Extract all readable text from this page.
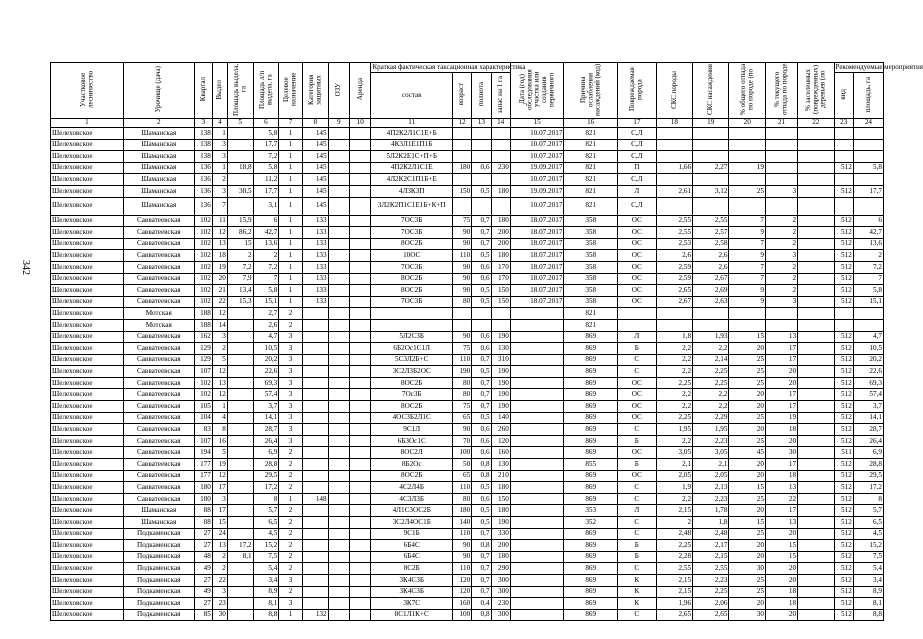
342
Участковое лесничество	Урочище (дача)	Квартал	Выдел	Площадь выдела, га	Площадь л/п выдела, га	Целевое назначение	Категория защитных	ОЗУ	Аренда	Краткая фактическая таксационная характеристика				Дата (год) обследования участка или создания первичного	Причина ослабления насаждений (код)	Повреждаемая порода	СКС породы	СКС насаждения	% общего отпада по породе (по	% текущего отпада по породе	% заселенных (поврежденных) деревьев (по	Рекомендуемые мероприятия	
										состав	возраст	полнота	запас на 1 га									вид	площадь, га
1	2	3	4	5	6	7	8	9	10	11	12	13	14	15	16	17	18	19	20	21	22	23	24
Шелеховское	Шаманская	138	1		5,8	1	145			4П2К2Л1С1Е+Б				10.07.2017	821	С,Л							
Шелеховское	Шаманская	138	3		17,7	1	145			4К3Л1Е1П1Б				10.07.2017	821	С,Л							
Шелеховское	Шаманская	138	3		7,2	1	145			5Л2К2Е1С+П+Б				10.07.2017	821	С,Л							
Шелеховское	Шаманская	136	1	18,8	5,8	1	145			4П2К2Л1С1Е	180	0,6	230	19.09.2017	821	П	1,66	2,27	19			512	5,8
Шелеховское	Шаманская	136	2		11,2	1	145			4Л2К2С1П1Б+Е				10.07.2017	821	С,Л							
Шелеховское	Шаманская	136	3	38,5	17,7	1	145			4Л3К3П	150	0,5	180	19.09.2017	821	Л	2,61	3,12	25	3		512	17,7
Шелеховское	Шаманская	136	7		3,1	1	145			3Л2К2П1С1Е1Б+К+П				10.07.2017	821	С,Л							
Шелеховское	Савватеевская	102	11	15,9	6	1	133			7ОС3Б	75	0,7	180	18.07.2017	358	ОС	2,55	2,55	7	2		512	6
Шелеховское	Савватеевская	102	12	86,2	42,7	1	133			7ОС3Б	90	0,7	200	18.07.2017	358	ОС	2,55	2,57	9	2		512	42,7
Шелеховское	Савватеевская	102	13	15	13,6	1	133			8ОС2Б	90	0,7	200	18.07.2017	358	ОС	2,53	2,58	7	2		512	13,6
Шелеховское	Савватеевская	102	18	2	2	1	133			10ОС	110	0,5	180	18.07.2017	358	ОС	2,6	2,6	9	3		512	2
Шелеховское	Савватеевская	102	19	7,2	7,2	1	133			7ОС3Б	90	0,6	170	18.07.2017	358	ОС	2,59	2,6	7	2		512	7,2
Шелеховское	Савватеевская	102	20	7,9	7	1	133			8ОС2Б	90	0,6	170	18.07.2017	358	ОС	2,59	2,67	7	2		512	7
Шелеховское	Савватеевская	102	21	13,4	5,8	1	133			8ОС2Б	90	0,5	150	18.07.2017	358	ОС	2,65	2,69	9	2		512	5,8
Шелеховское	Савватеевская	102	22	15,3	15,1	1	133			7ОС3Б	80	0,5	150	18.07.2017	358	ОС	2,67	2,63	9	3		512	15,1
Шелеховское	Мотская	188	12		2,7	2									821								
Шелеховское	Мотская	188	14		2,6	2									821								
Шелеховское	Савватеевская	162	3		4,7	3				5Л2С3Б	90	0,6	190		869	Л	1,8	1,93	15	13		512	4,7
Шелеховское	Савватеевская	129	2		10,5	3				6Б2Ос1С1Л	75	0,6	130		869	Б	2,2	2,2	20	17		512	10,5
Шелеховское	Савватеевская	129	5		20,2	3				5С3Л2Б+С	110	0,7	310		869	С	2,2	2,14	25	17		512	20,2
Шелеховское	Савватеевская	107	12		22,6	3				3С2Л3Б2ОС	190	0,5	190		869	С	2,2	2,25	25	20		512	22,6
Шелеховское	Савватеевская	102	13		69,3	3				8ОС2Б	80	0,7	190		869	ОС	2,25	2,25	25	20		512	69,3
Шелеховское	Савватеевская	102	12		57,4	3				7Ос3Б	80	0,7	190		869	ОС	2,2	2,2	20	17		512	57,4
Шелеховское	Савватеевская	105	1		3,7	3				8ОС2Б	75	0,7	190		869	ОС	2,2	2,2	20	17		512	3,7
Шелеховское	Савватеевская	104	4		14,1	3				4ОС3Б2Л1С	65	0,5	140		869	ОС	2,25	2,29	25	19		512	14,1
Шелеховское	Савватеевская	83	8		28,7	3				9С1Л	90	0,6	260		869	С	1,95	1,95	20	18		512	28,7
Шелеховское	Савватеевская	107	16		26,4	3				6Б3Ос1С	70	0,6	120		869	Б	2,2	2,23	25	20		512	26,4
Шелеховское	Савватеевская	194	5		6,9	2				8ОС2Л	100	0,6	160		869	ОС	3,05	3,05	45	30		511	6,9
Шелеховское	Савватеевская	177	19		28,8	2				8Б2Ос	50	0,8	130		855	Б	2,1	2,1	20	17		512	28,8
Шелеховское	Савватеевская	177	12		29,5	2				8ОС2Б	65	0,8	210		869	ОС	2,05	2,05	20	18		512	29,5
Шелеховское	Савватеевская	180	17		17,2	2				4С2Л4Б	110	0,5	180		869	С	1,9	2,13	15	13		512	17,2
Шелеховское	Савватеевская	180	3		8	1	148			4С3Л3Б	80	0,6	150		869	С	2,2	2,23	25	22		512	8
Шелеховское	Шаманская	88	17		5,7	2				4Л1С3ОС2Б	180	0,5	180		353	Л	2,15	1,78	20	17		512	5,7
Шелеховское	Шаманская	88	15		6,5	2				3С2Л4ОС1Б	140	0,5	190		352	С	2	1,8	15	13		512	6,5
Шелеховское	Подкаменская	27	24		4,5	2				9С1Б	110	0,7	330		869	С	2,48	2,48	25	20		512	4,5
Шелеховское	Подкаменская	27	13	17,2	15,2	2				6Б4С	90	0,8	200		869	Б	2,25	2,17	20	15		512	15,2
Шелеховское	Подкаменская	48	2	8,1	7,5	2				6Б4С	90	0,7	180		869	Б	2,28	2,15	20	15		512	7,5
Шелеховское	Подкаменская	49	2		5,4	2				8С2Б	110	0,7	290		869	С	2,55	2,55	30	20		512	5,4
Шелеховское	Подкаменская	27	22		3,4	3				3К4С3Б	120	0,7	300		869	К	2,15	2,23	25	20		512	3,4
Шелеховское	Подкаменская	49	3		8,9	2				3К4С3Б	120	0,7	300		869	К	2,15	2,25	25	18		512	8,9
Шелеховское	Подкаменская	27	23		8,1	3				3К7С	160	0,4	230		869	К	1,96	2,06	20	18		512	8,1
Шелеховское	Подкаменская	85	30		8,8	1	132			8С1Л1К+С	100	0,8	300		869	С	2,65	2,65	30	20		512	8,8
